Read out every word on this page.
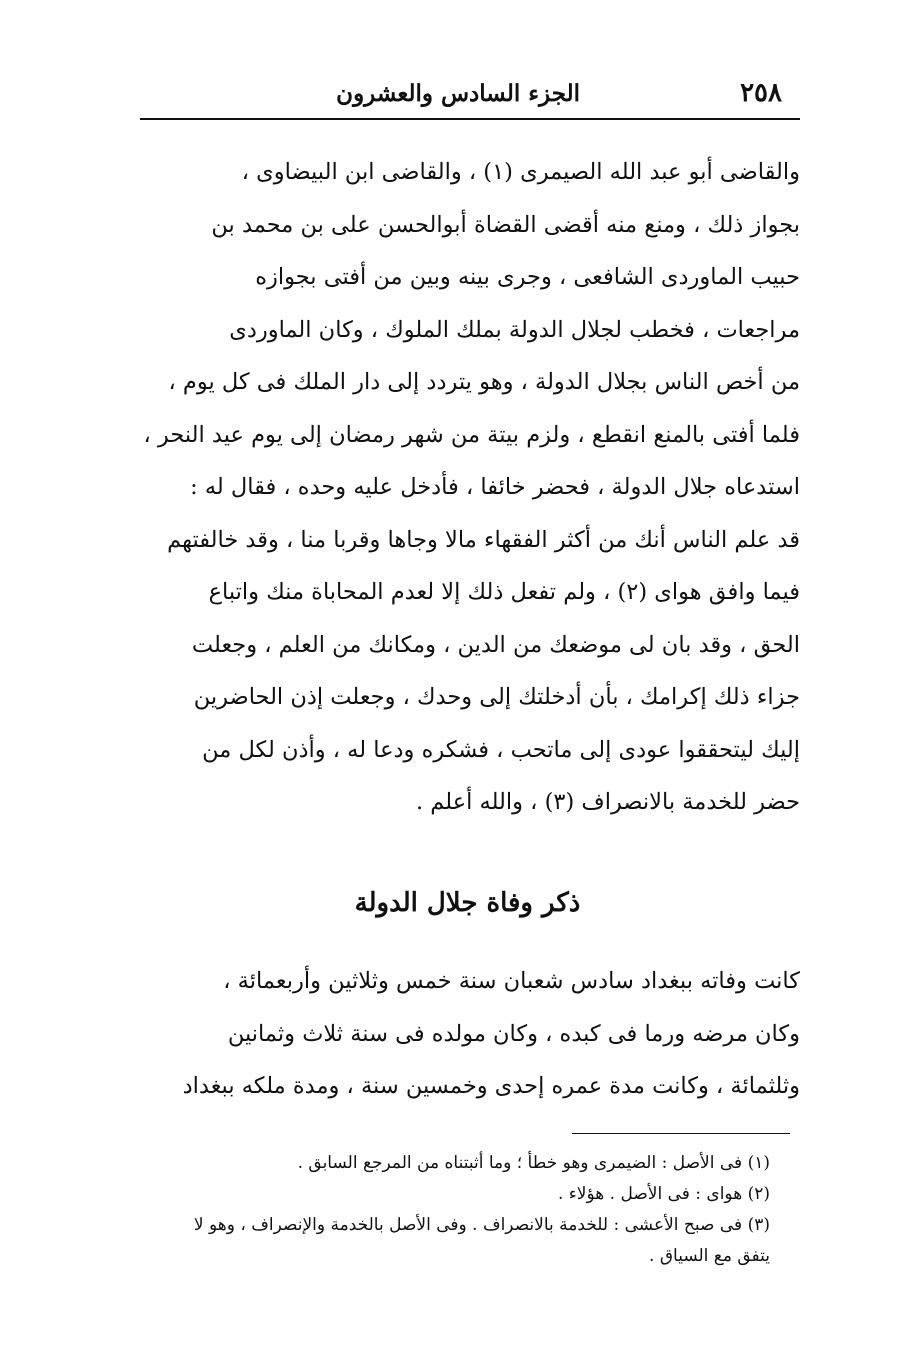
٢٥٨
الجزء السادس والعشرون
والقاضى أبو عبد الله الصيمرى (١) ، والقاضى ابن البيضاوى ،
بجواز ذلك ، ومنع منه أقضى القضاة أبوالحسن على بن محمد بن
حبيب الماوردى الشافعى ، وجرى بينه وبين من أفتى بجوازه
مراجعات ، فخطب لجلال الدولة بملك الملوك ، وكان الماوردى
من أخص الناس بجلال الدولة ، وهو يتردد إلى دار الملك فى كل يوم ،
فلما أفتى بالمنع انقطع ، ولزم بيتة من شهر رمضان إلى يوم عيد النحر ،
استدعاه جلال الدولة ، فحضر خائفا ، فأدخل عليه وحده ، فقال له :
قد علم الناس أنك من أكثر الفقهاء مالا وجاها وقربا منا ، وقد خالفتهم
فيما وافق هواى (٢) ، ولم تفعل ذلك إلا لعدم المحاباة منك واتباع
الحق ، وقد بان لى موضعك من الدين ، ومكانك من العلم ، وجعلت
جزاء ذلك إكرامك ، بأن أدخلتك إلى وحدك ، وجعلت إذن الحاضرين
إليك ليتحققوا عودى إلى ماتحب ، فشكره ودعا له ، وأذن لكل من
حضر للخدمة بالانصراف (٣) ، والله أعلم .
ذكر وفاة جلال الدولة
كانت وفاته ببغداد سادس شعبان سنة خمس وثلاثين وأربعمائة ،
وكان مرضه ورما فى كبده ، وكان مولده فى سنة ثلاث وثمانين
وثلثمائة ، وكانت مدة عمره إحدى وخمسين سنة ، ومدة ملكه ببغداد
(١) فى الأصل : الضيمرى وهو خطأ ؛ وما أثبتناه من المرجع السابق .
(٢) هواى : فى الأصل . هؤلاء .
(٣) فى صبح الأعشى : للخدمة بالانصراف . وفى الأصل بالخدمة والإنصراف ، وهو لا
يتفق مع السياق .
